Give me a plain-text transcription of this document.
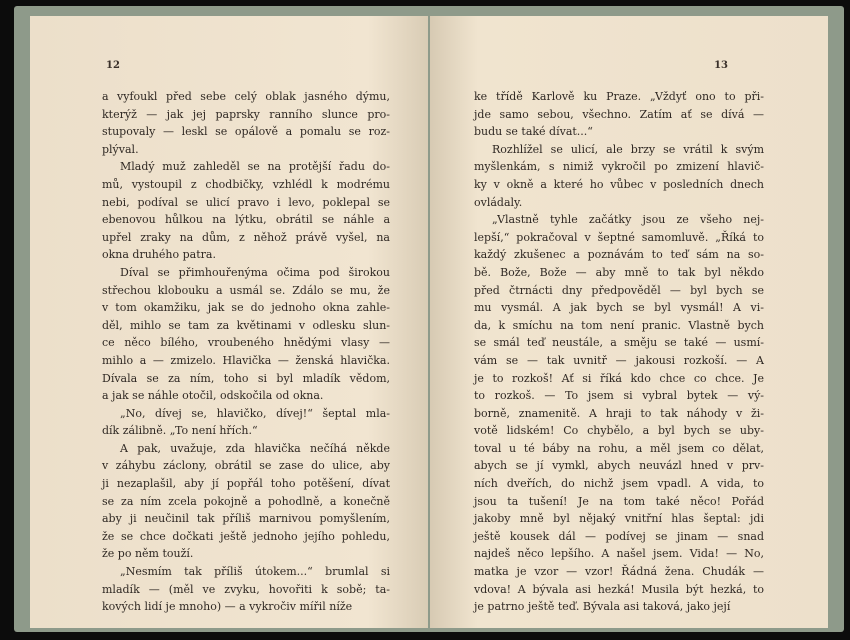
12
a vyfoukl před sebe celý oblak jasného dýmu,
kterýž — jak jej paprsky ranního slunce pro-
stupovaly — leskl se opálově a pomalu se roz-
plýval.
Mladý muž zahleděl se na protější řadu do-
mů, vystoupil z chodbičky, vzhlédl k modrému
nebi, podíval se ulicí pravo i levo, poklepal se
ebenovou hůlkou na lýtku, obrátil se náhle a
upřel zraky na dům, z něhož právě vyšel, na
okna druhého patra.
Díval se přimhouřenýma očima pod širokou
střechou klobouku a usmál se. Zdálo se mu, že
v tom okamžiku, jak se do jednoho okna zahle-
děl, mihlo se tam za květinami v odlesku slun-
ce něco bílého, vroubeného hnědými vlasy —
mihlo a — zmizelo. Hlavička — ženská hlavička.
Dívala se za ním, toho si byl mladík vědom,
a jak se náhle otočil, odskočila od okna.
„No, dívej se, hlavičko, dívej!“ šeptal mla-
dík zálibně. „To není hřích.“
A pak, uvažuje, zda hlavička nečíhá někde
v záhybu záclony, obrátil se zase do ulice, aby
ji nezaplašil, aby jí popřál toho potěšení, dívat
se za ním zcela pokojně a pohodlně, a konečně
aby ji neučinil tak příliš marnivou pomyšlením,
že se chce dočkati ještě jednoho jejího pohledu,
že po něm touží.
„Nesmím tak příliš útokem...“ brumlal si
mladík — (měl ve zvyku, hovořiti k sobě; ta-
kových lidí je mnoho) — a vykročiv mířil níže
13
ke třídě Karlově ku Praze. „Vždyť ono to při-
jde samo sebou, všechno. Zatím ať se dívá —
budu se také dívat...“
Rozhlížel se ulicí, ale brzy se vrátil k svým
myšlenkám, s nimiž vykročil po zmizení hlavič-
ky v okně a které ho vůbec v posledních dnech
ovládaly.
„Vlastně tyhle začátky jsou ze všeho nej-
lepší,“ pokračoval v šeptné samomluvě. „Říká to
každý zkušenec a poznávám to teď sám na so-
bě. Bože, Bože — aby mně to tak byl někdo
před čtrnácti dny předpověděl — byl bych se
mu vysmál. A jak bych se byl vysmál! A vi-
da, k smíchu na tom není pranic. Vlastně bych
se smál teď neustále, a směju se také — usmí-
vám se — tak uvnitř — jakousi rozkoší. — A
je to rozkoš! Ať si říká kdo chce co chce. Je
to rozkoš. — To jsem si vybral bytek — vý-
borně, znamenitě. A hraji to tak náhody v ži-
votě lidském! Co chybělo, a byl bych se uby-
toval u té báby na rohu, a měl jsem co dělat,
abych se jí vymkl, abych neuvázl hned v prv-
ních dveřích, do nichž jsem vpadl. A vida, to
jsou ta tušení! Je na tom také něco! Pořád
jakoby mně byl nějaký vnitřní hlas šeptal: jdi
ještě kousek dál — podívej se jinam — snad
najdeš něco lepšího. A našel jsem. Vida! — No,
matka je vzor — vzor! Řádná žena. Chudák —
vdova! A bývala asi hezká! Musila být hezká, to
je patrno ještě teď. Bývala asi taková, jako její
